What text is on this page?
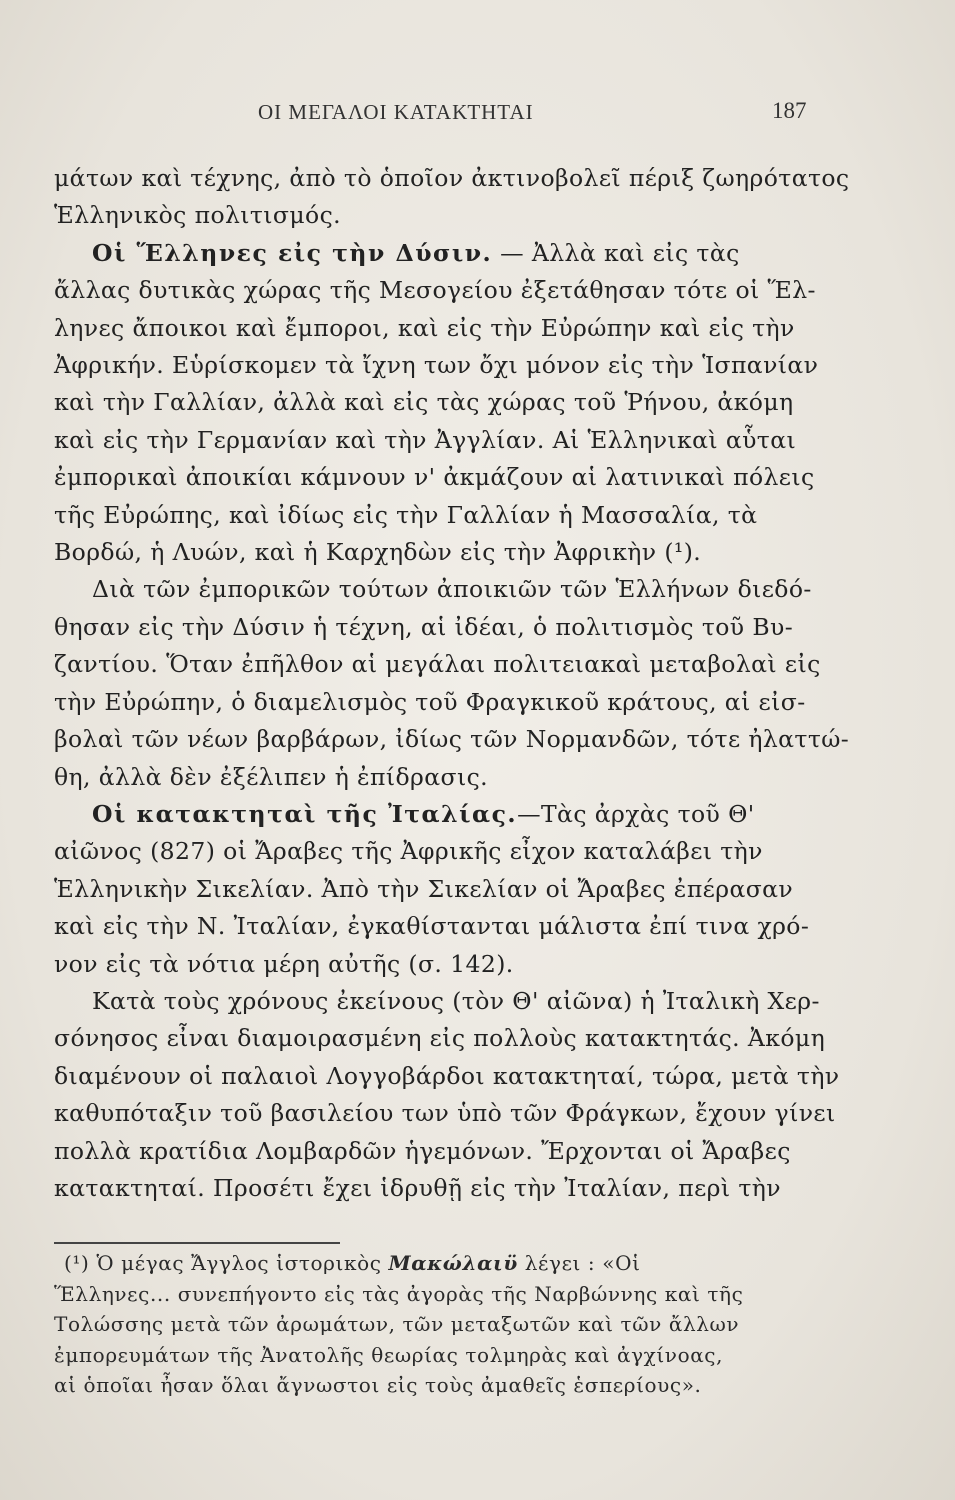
ΟΙ ΜΕΓΑΛΟΙ ΚΑΤΑΚΤΗΤΑΙ	187

μάτων καὶ τέχνης, ἀπὸ τὸ ὁποῖον ἀκτινοβολεῖ πέριξ ζωηρότατος
Ἑλληνικὸς πολιτισμός.

Οἱ Ἕλληνες εἰς τὴν Δύσιν. — Ἀλλὰ καὶ εἰς τὰς
ἄλλας δυτικὰς χώρας τῆς Μεσογείου ἐξετάθησαν τότε οἱ Ἕλ-
ληνες ἄποικοι καὶ ἔμποροι, καὶ εἰς τὴν Εὐρώπην καὶ εἰς τὴν
Ἀφρικήν. Εὑρίσκομεν τὰ ἴχνη των ὄχι μόνον εἰς τὴν Ἱσπανίαν
καὶ τὴν Γαλλίαν, ἀλλὰ καὶ εἰς τὰς χώρας τοῦ Ῥήνου, ἀκόμη
καὶ εἰς τὴν Γερμανίαν καὶ τὴν Ἀγγλίαν. Αἱ Ἑλληνικαὶ αὗται
ἐμπορικαὶ ἀποικίαι κάμνουν ν' ἀκμάζουν αἱ λατινικαὶ πόλεις
τῆς Εὐρώπης, καὶ ἰδίως εἰς τὴν Γαλλίαν ἡ Μασσαλία, τὰ
Βορδώ, ἡ Λυών, καὶ ἡ Καρχηδὼν εἰς τὴν Ἀφρικὴν (¹).

Διὰ τῶν ἐμπορικῶν τούτων ἀποικιῶν τῶν Ἑλλήνων διεδό-
θησαν εἰς τὴν Δύσιν ἡ τέχνη, αἱ ἰδέαι, ὁ πολιτισμὸς τοῦ Βυ-
ζαντίου. Ὅταν ἐπῆλθον αἱ μεγάλαι πολιτειακαὶ μεταβολαὶ εἰς
τὴν Εὐρώπην, ὁ διαμελισμὸς τοῦ Φραγκικοῦ κράτους, αἱ εἰσ-
βολαὶ τῶν νέων βαρβάρων, ἰδίως τῶν Νορμανδῶν, τότε ἠλαττώ-
θη, ἀλλὰ δὲν ἐξέλιπεν ἡ ἐπίδρασις.

Οἱ κατακτηταὶ τῆς Ἰταλίας.—Τὰς ἀρχὰς τοῦ Θ'
αἰῶνος (827) οἱ Ἄραβες τῆς Ἀφρικῆς εἶχον καταλάβει τὴν
Ἑλληνικὴν Σικελίαν. Ἀπὸ τὴν Σικελίαν οἱ Ἄραβες ἐπέρασαν
καὶ εἰς τὴν Ν. Ἰταλίαν, ἐγκαθίστανται μάλιστα ἐπί τινα χρό-
νον εἰς τὰ νότια μέρη αὐτῆς (σ. 142).

Κατὰ τοὺς χρόνους ἐκείνους (τὸν Θ' αἰῶνα) ἡ Ἰταλικὴ Χερ-
σόνησος εἶναι διαμοιρασμένη εἰς πολλοὺς κατακτητάς. Ἀκόμη
διαμένουν οἱ παλαιοὶ Λογγοβάρδοι κατακτηταί, τώρα, μετὰ τὴν
καθυπόταξιν τοῦ βασιλείου των ὑπὸ τῶν Φράγκων, ἔχουν γίνει
πολλὰ κρατίδια Λομβαρδῶν ἡγεμόνων. Ἔρχονται οἱ Ἄραβες
κατακτηταί. Προσέτι ἔχει ἱδρυθῇ εἰς τὴν Ἰταλίαν, περὶ τὴν

(¹) Ὁ μέγας Ἄγγλος ἱστορικὸς Μακώλαιϋ λέγει : «Οἱ
Ἕλληνες... συνεπήγοντο εἰς τὰς ἀγορὰς τῆς Ναρβώννης καὶ τῆς
Τολώσσης μετὰ τῶν ἀρωμάτων, τῶν μεταξωτῶν καὶ τῶν ἄλλων
ἐμπορευμάτων τῆς Ἀνατολῆς θεωρίας τολμηρὰς καὶ ἀγχίνοας,
αἱ ὁποῖαι ἦσαν ὅλαι ἄγνωστοι εἰς τοὺς ἀμαθεῖς ἑσπερίους».
